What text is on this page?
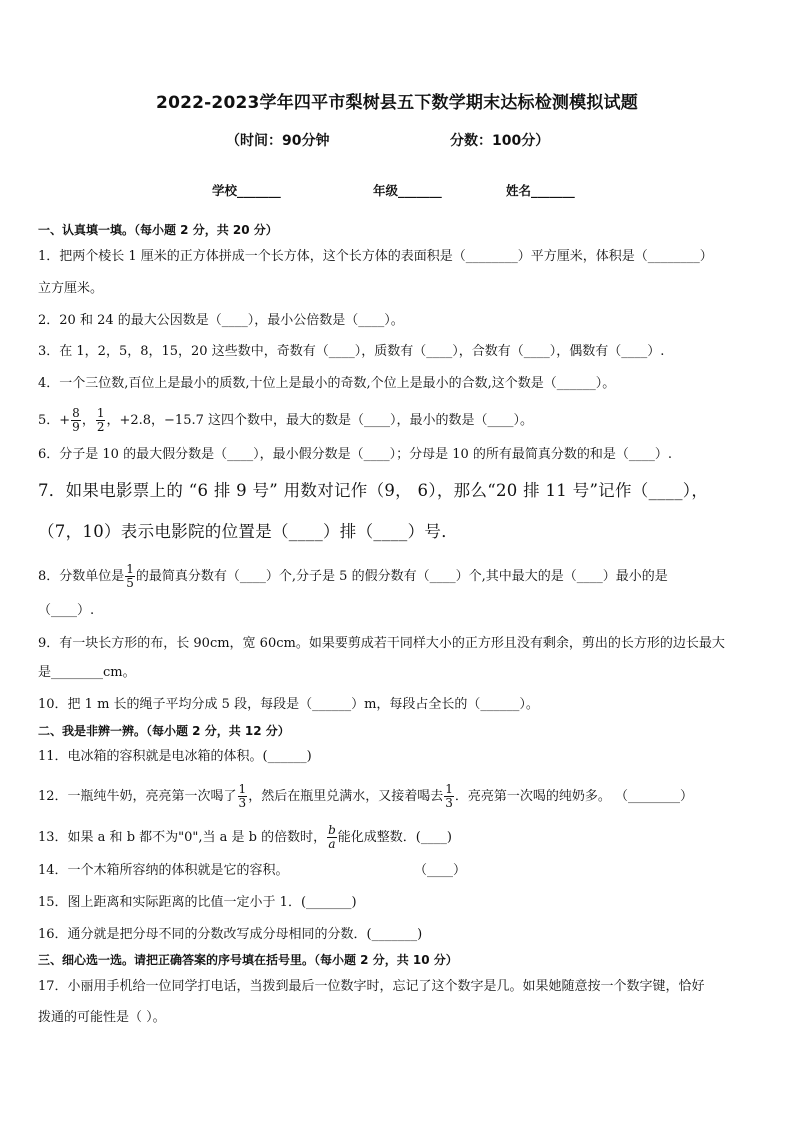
2022-2023学年四平市梨树县五下数学期末达标检测模拟试题
（时间：90分钟	分数：100分）
学校_______	年级_______	姓名_______
一、认真填一填。（每小题 2 分，共 20 分）
1．把两个棱长 1 厘米的正方体拼成一个长方体，这个长方体的表面积是（________）平方厘米，体积是（________）
立方厘米。
2．20 和 24 的最大公因数是（____），最小公倍数是（____）。
3．在 1，2，5，8，15，20 这些数中，奇数有（____），质数有（____），合数有（____），偶数有（____）.
4．一个三位数,百位上是最小的质数,十位上是最小的奇数,个位上是最小的合数,这个数是（______）。
5．+ $\frac{8}{9}$ ， $\frac{1}{2}$ ，+2.8，−15.7 这四个数中，最大的数是（____），最小的数是（____）。
6．分子是 10 的最大假分数是（____），最小假分数是（____）；分母是 10 的所有最简真分数的和是（____）.
7．如果电影票上的 “6 排 9 号” 用数对记作（9， 6），那么“20 排 11 号”记作（____），
（7，10）表示电影院的位置是（____）排（____）号．
8．分数单位是 $\frac{1}{5}$ 的最简真分数有（____）个,分子是 5 的假分数有（____）个,其中最大的是（____）最小的是
（____）.
9．有一块长方形的布，长 90cm，宽 60cm。如果要剪成若干同样大小的正方形且没有剩余，剪出的长方形的边长最大
是________cm。
10．把 1 m 长的绳子平均分成 5 段，每段是（______）m，每段占全长的（______）。
二、我是非辨一辨。（每小题 2 分，共 12 分）
11．电冰箱的容积就是电冰箱的体积。(______)
12．一瓶纯牛奶，亮亮第一次喝了 $\frac{1}{3}$ ，然后在瓶里兑满水，又接着喝去 $\frac{1}{3}$ ．亮亮第一次喝的纯奶多。 （________）
13．如果 a 和 b 都不为"0",当 a 是 b 的倍数时， $\frac{b}{a}$ 能化成整数．(____)
14．一个木箱所容纳的体积就是它的容积。	（____）
15．图上距离和实际距离的比值一定小于 1．(_______)
16．通分就是把分母不同的分数改写成分母相同的分数．(_______)
三、细心选一选。请把正确答案的序号填在括号里。（每小题 2 分，共 10 分）
17．小丽用手机给一位同学打电话，当拨到最后一位数字时，忘记了这个数字是几。如果她随意按一个数字键，恰好
拨通的可能性是（ ）。
